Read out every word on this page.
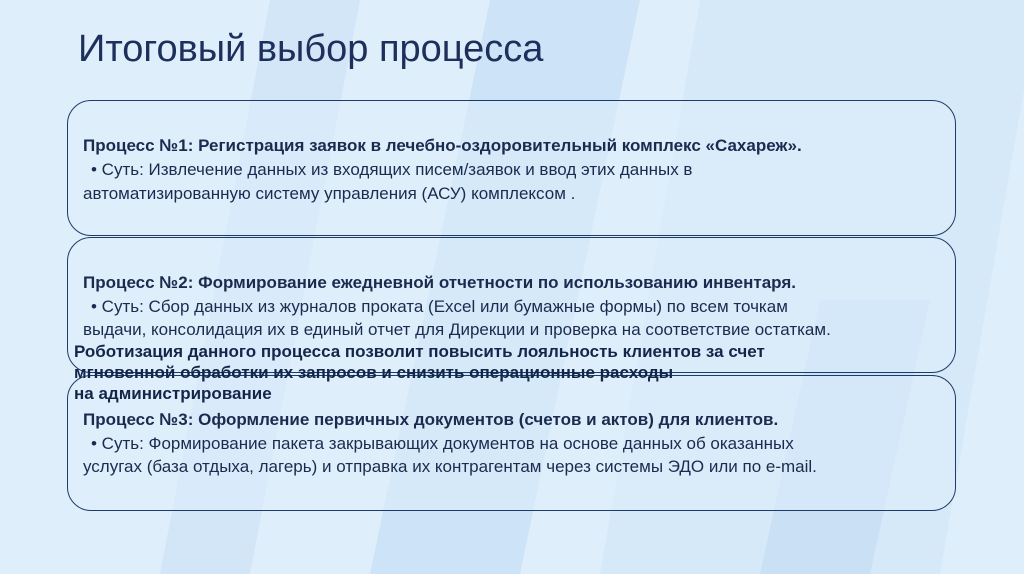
Итоговый выбор процесса
Процесс №1: Регистрация заявок в лечебно-оздоровительный комплекс «Сахареж».
• Суть: Извлечение данных из входящих писем/заявок и ввод этих данных в
автоматизированную систему управления (АСУ) комплексом .
Процесс №2: Формирование ежедневной отчетности по использованию инвентаря.
• Суть: Сбор данных из журналов проката (Excel или бумажные формы) по всем точкам
выдачи, консолидация их в единый отчет для Дирекции и проверка на соответствие остаткам.
Роботизация данного процесса позволит повысить лояльность клиентов за счет
мгновенной обработки их запросов и снизить операционные расходы
на администрирование
Процесс №3: Оформление первичных документов (счетов и актов) для клиентов.
• Суть: Формирование пакета закрывающих документов на основе данных об оказанных
услугах (база отдыха, лагерь) и отправка их контрагентам через системы ЭДО или по e-mail.
